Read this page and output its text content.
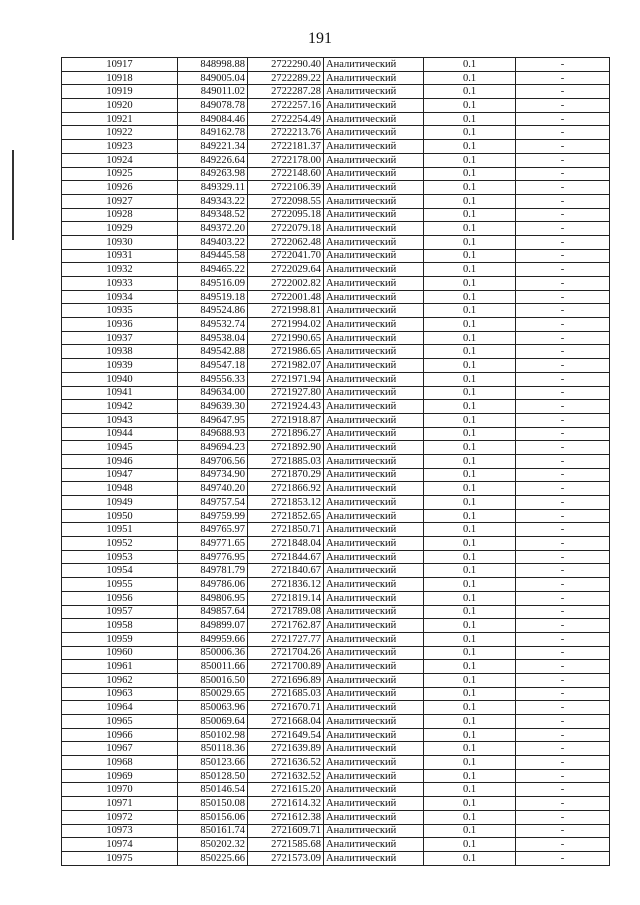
191
10917	848998.88	2722290.40	Аналитический	0.1	-
10918	849005.04	2722289.22	Аналитический	0.1	-
10919	849011.02	2722287.28	Аналитический	0.1	-
10920	849078.78	2722257.16	Аналитический	0.1	-
10921	849084.46	2722254.49	Аналитический	0.1	-
10922	849162.78	2722213.76	Аналитический	0.1	-
10923	849221.34	2722181.37	Аналитический	0.1	-
10924	849226.64	2722178.00	Аналитический	0.1	-
10925	849263.98	2722148.60	Аналитический	0.1	-
10926	849329.11	2722106.39	Аналитический	0.1	-
10927	849343.22	2722098.55	Аналитический	0.1	-
10928	849348.52	2722095.18	Аналитический	0.1	-
10929	849372.20	2722079.18	Аналитический	0.1	-
10930	849403.22	2722062.48	Аналитический	0.1	-
10931	849445.58	2722041.70	Аналитический	0.1	-
10932	849465.22	2722029.64	Аналитический	0.1	-
10933	849516.09	2722002.82	Аналитический	0.1	-
10934	849519.18	2722001.48	Аналитический	0.1	-
10935	849524.86	2721998.81	Аналитический	0.1	-
10936	849532.74	2721994.02	Аналитический	0.1	-
10937	849538.04	2721990.65	Аналитический	0.1	-
10938	849542.88	2721986.65	Аналитический	0.1	-
10939	849547.18	2721982.07	Аналитический	0.1	-
10940	849556.33	2721971.94	Аналитический	0.1	-
10941	849634.00	2721927.80	Аналитический	0.1	-
10942	849639.30	2721924.43	Аналитический	0.1	-
10943	849647.95	2721918.87	Аналитический	0.1	-
10944	849688.93	2721896.27	Аналитический	0.1	-
10945	849694.23	2721892.90	Аналитический	0.1	-
10946	849706.56	2721885.03	Аналитический	0.1	-
10947	849734.90	2721870.29	Аналитический	0.1	-
10948	849740.20	2721866.92	Аналитический	0.1	-
10949	849757.54	2721853.12	Аналитический	0.1	-
10950	849759.99	2721852.65	Аналитический	0.1	-
10951	849765.97	2721850.71	Аналитический	0.1	-
10952	849771.65	2721848.04	Аналитический	0.1	-
10953	849776.95	2721844.67	Аналитический	0.1	-
10954	849781.79	2721840.67	Аналитический	0.1	-
10955	849786.06	2721836.12	Аналитический	0.1	-
10956	849806.95	2721819.14	Аналитический	0.1	-
10957	849857.64	2721789.08	Аналитический	0.1	-
10958	849899.07	2721762.87	Аналитический	0.1	-
10959	849959.66	2721727.77	Аналитический	0.1	-
10960	850006.36	2721704.26	Аналитический	0.1	-
10961	850011.66	2721700.89	Аналитический	0.1	-
10962	850016.50	2721696.89	Аналитический	0.1	-
10963	850029.65	2721685.03	Аналитический	0.1	-
10964	850063.96	2721670.71	Аналитический	0.1	-
10965	850069.64	2721668.04	Аналитический	0.1	-
10966	850102.98	2721649.54	Аналитический	0.1	-
10967	850118.36	2721639.89	Аналитический	0.1	-
10968	850123.66	2721636.52	Аналитический	0.1	-
10969	850128.50	2721632.52	Аналитический	0.1	-
10970	850146.54	2721615.20	Аналитический	0.1	-
10971	850150.08	2721614.32	Аналитический	0.1	-
10972	850156.06	2721612.38	Аналитический	0.1	-
10973	850161.74	2721609.71	Аналитический	0.1	-
10974	850202.32	2721585.68	Аналитический	0.1	-
10975	850225.66	2721573.09	Аналитический	0.1	-
